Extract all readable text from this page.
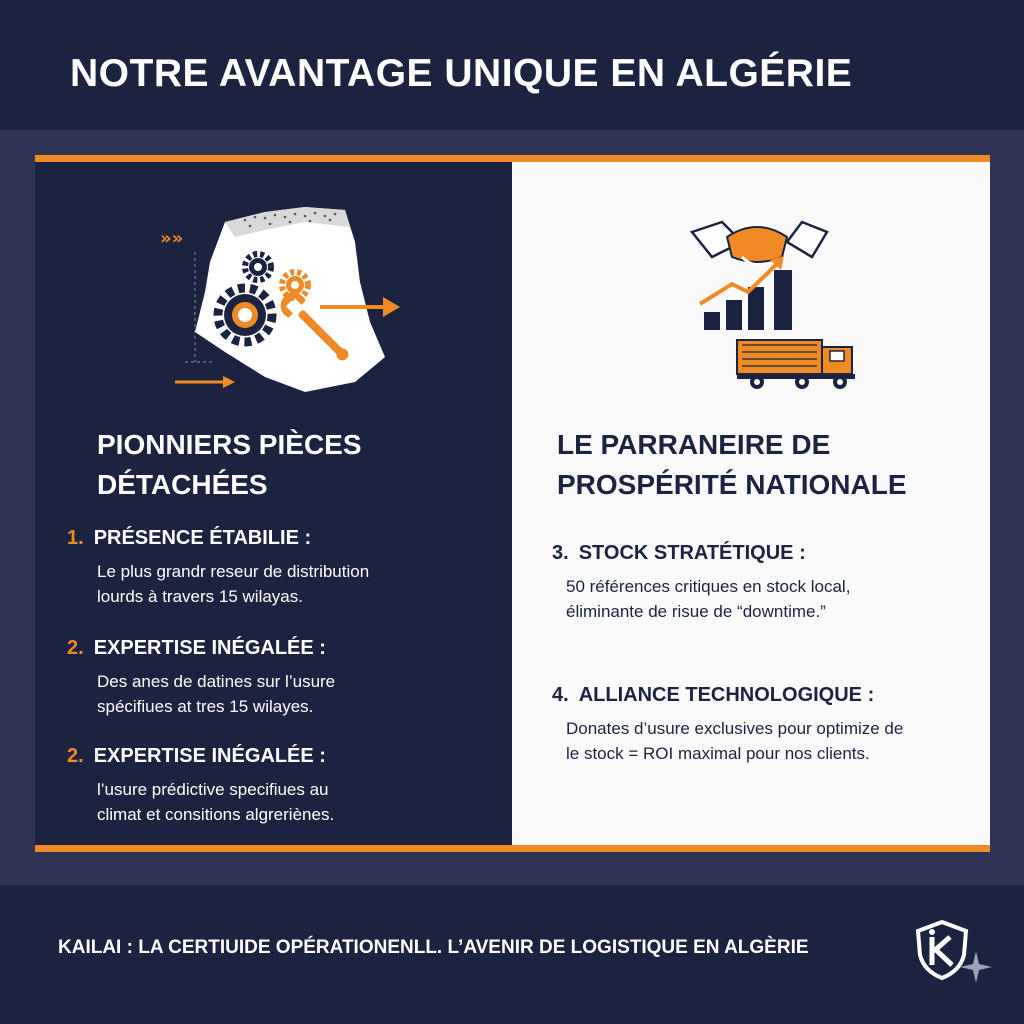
NOTRE AVANTAGE UNIQUE EN ALGÉRIE
»»
PIONNIERS PIÈCES
DÉTACHÉES
1. PRÉSENCE ÉTABILIE :
Le plus grandr reseur de distribution
lourds à travers 15 wilayas.
2. EXPERTISE INÉGALÉE :
Des anes de datines sur l’usure
spécifiues at tres 15 wilayes.
2. EXPERTISE INÉGALÉE :
l’usure prédictive specifiues au
climat et consitions algreriènes.
LE PARRANEIRE DE
PROSPÉRITÉ NATIONALE
3. STOCK STRATÉTIQUE :
50 références critiques en stock local,
éliminante de risue de “downtime.”
4. ALLIANCE TECHNOLOGIQUE :
Donates d’usure exclusives pour optimize de
le stock = ROI maximal pour nos clients.

KAILAI : LA CERTIUIDE OPÉRATIONENLL. L’AVENIR DE LOGISTIQUE EN ALGÈRIE
